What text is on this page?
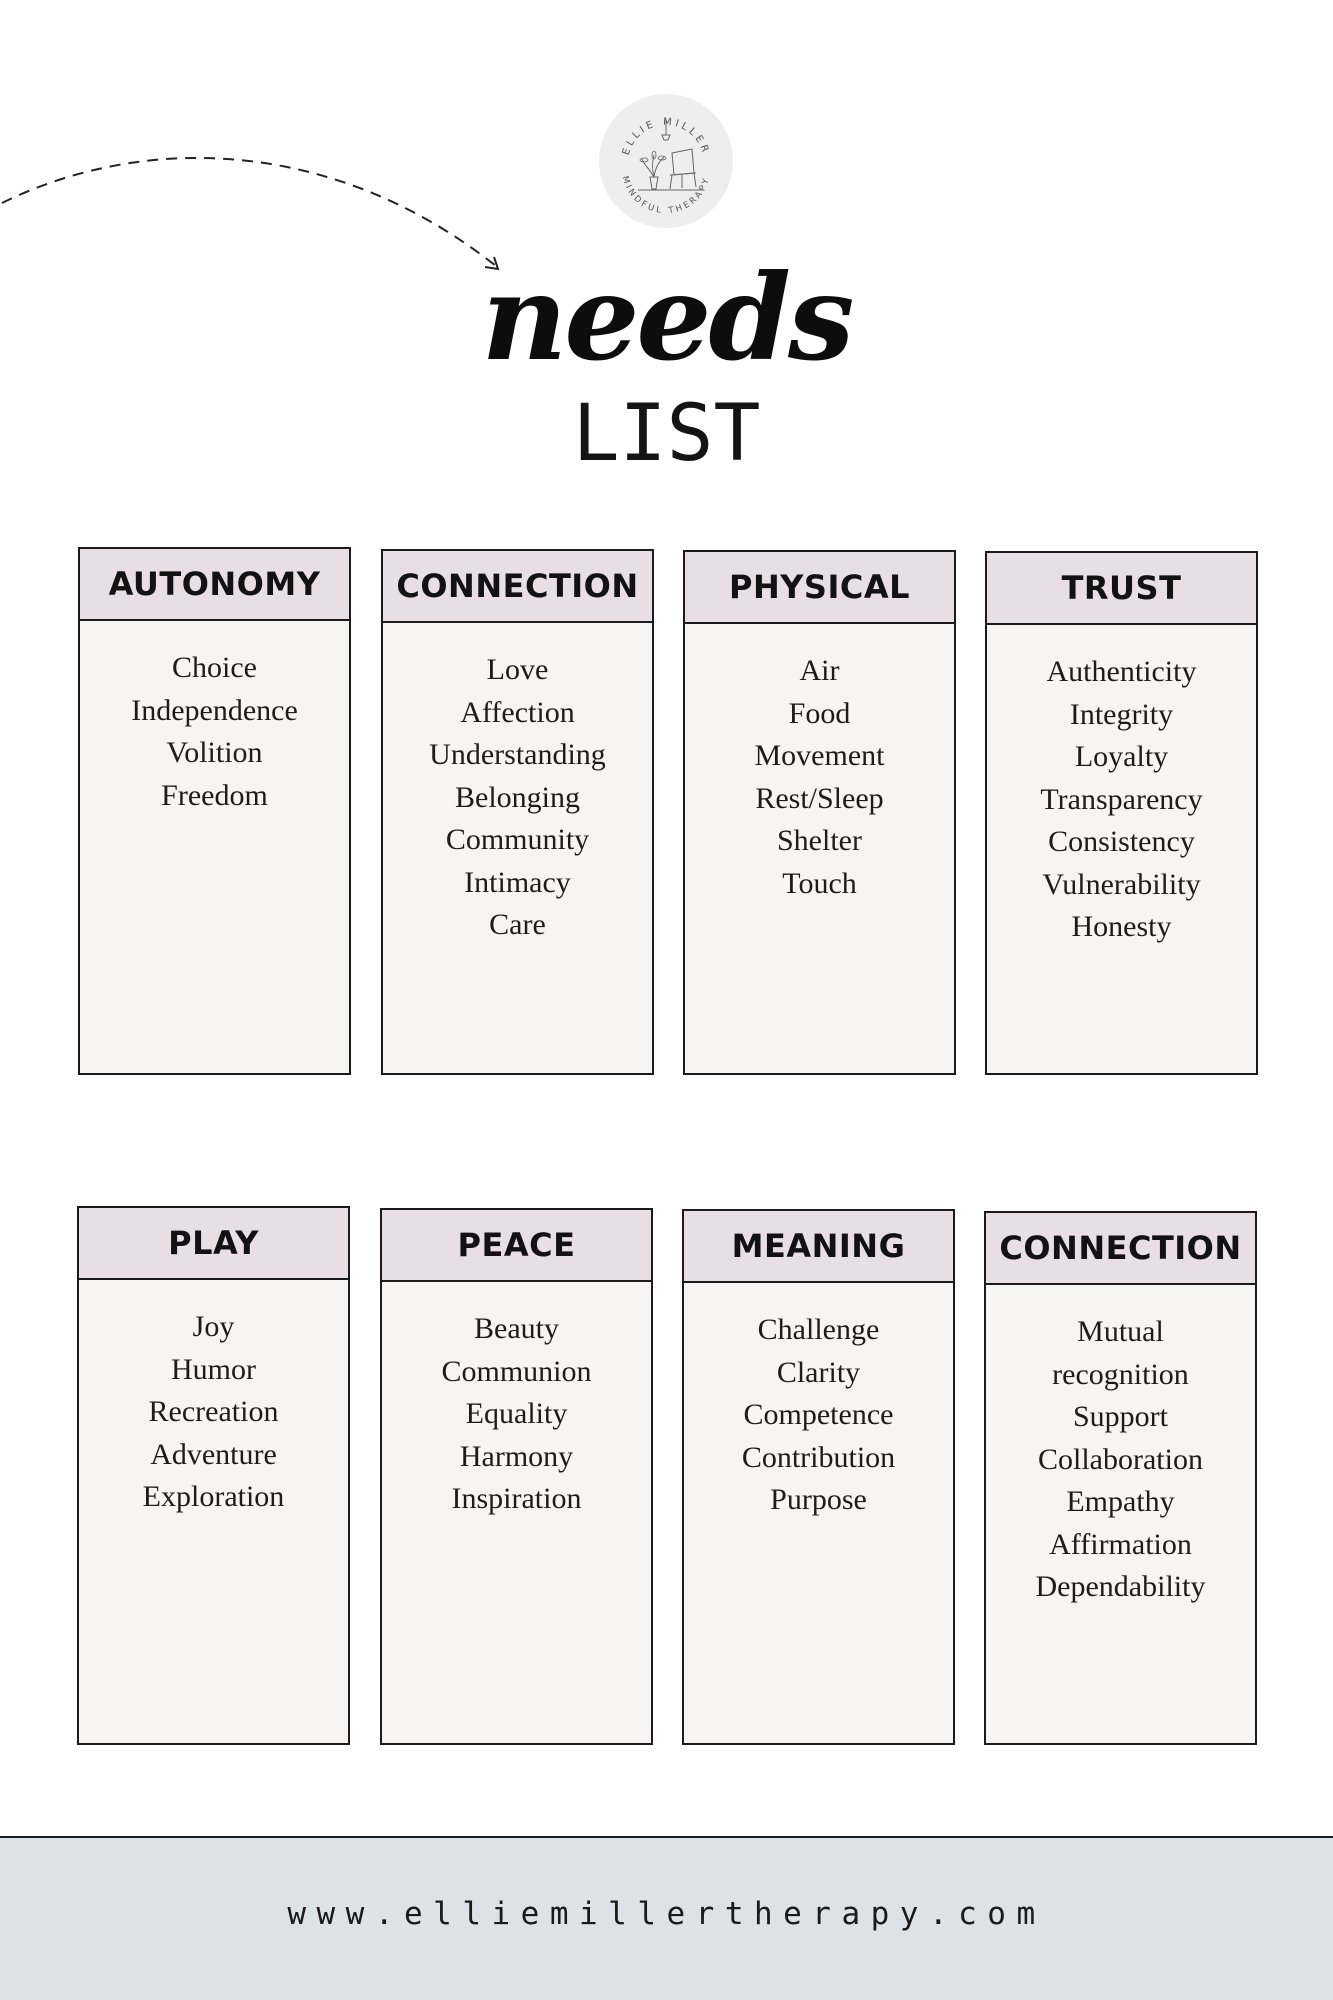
ELLIE MILLER
MINDFUL THERAPY
needs
LIST
AUTONOMY
Choice
Independence
Volition
Freedom
CONNECTION
Love
Affection
Understanding
Belonging
Community
Intimacy
Care
PHYSICAL
Air
Food
Movement
Rest/Sleep
Shelter
Touch
TRUST
Authenticity
Integrity
Loyalty
Transparency
Consistency
Vulnerability
Honesty
PLAY
Joy
Humor
Recreation
Adventure
Exploration
PEACE
Beauty
Communion
Equality
Harmony
Inspiration
MEANING
Challenge
Clarity
Competence
Contribution
Purpose
CONNECTION
Mutual
recognition
Support
Collaboration
Empathy
Affirmation
Dependability
www.elliemillertherapy.com
